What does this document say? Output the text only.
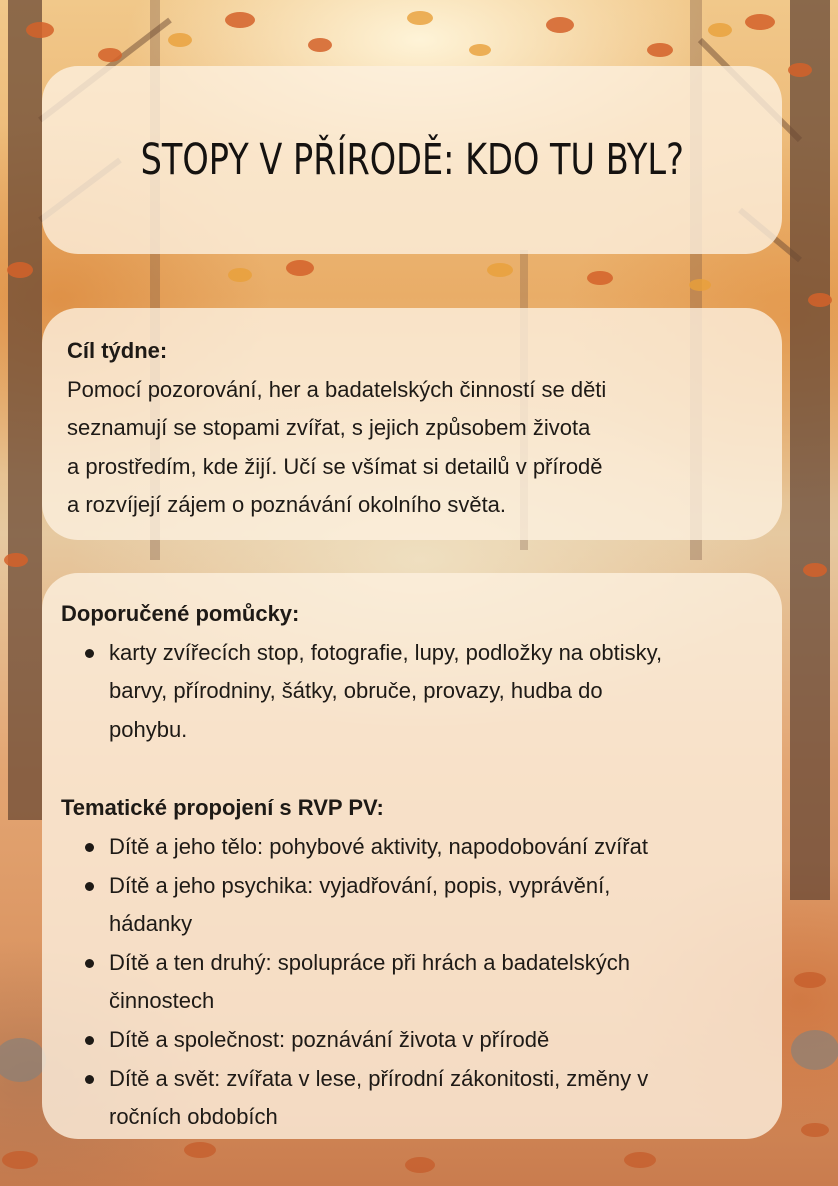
STOPY V PŘÍRODĚ: KDO TU BYL?
Cíl týdne:
Pomocí pozorování, her a badatelských činností se děti
seznamují se stopami zvířat, s jejich způsobem života
a prostředím, kde žijí. Učí se všímat si detailů v přírodě
a rozvíjejí zájem o poznávání okolního světa.
Doporučené pomůcky:
karty zvířecích stop, fotografie, lupy, podložky na obtisky,
barvy, přírodniny, šátky, obruče, provazy, hudba do
pohybu.
Tematické propojení s RVP PV:
Dítě a jeho tělo: pohybové aktivity, napodobování zvířat
Dítě a jeho psychika: vyjadřování, popis, vyprávění,
hádanky
Dítě a ten druhý: spolupráce při hrách a badatelských
činnostech
Dítě a společnost: poznávání života v přírodě
Dítě a svět: zvířata v lese, přírodní zákonitosti, změny v
ročních obdobích
